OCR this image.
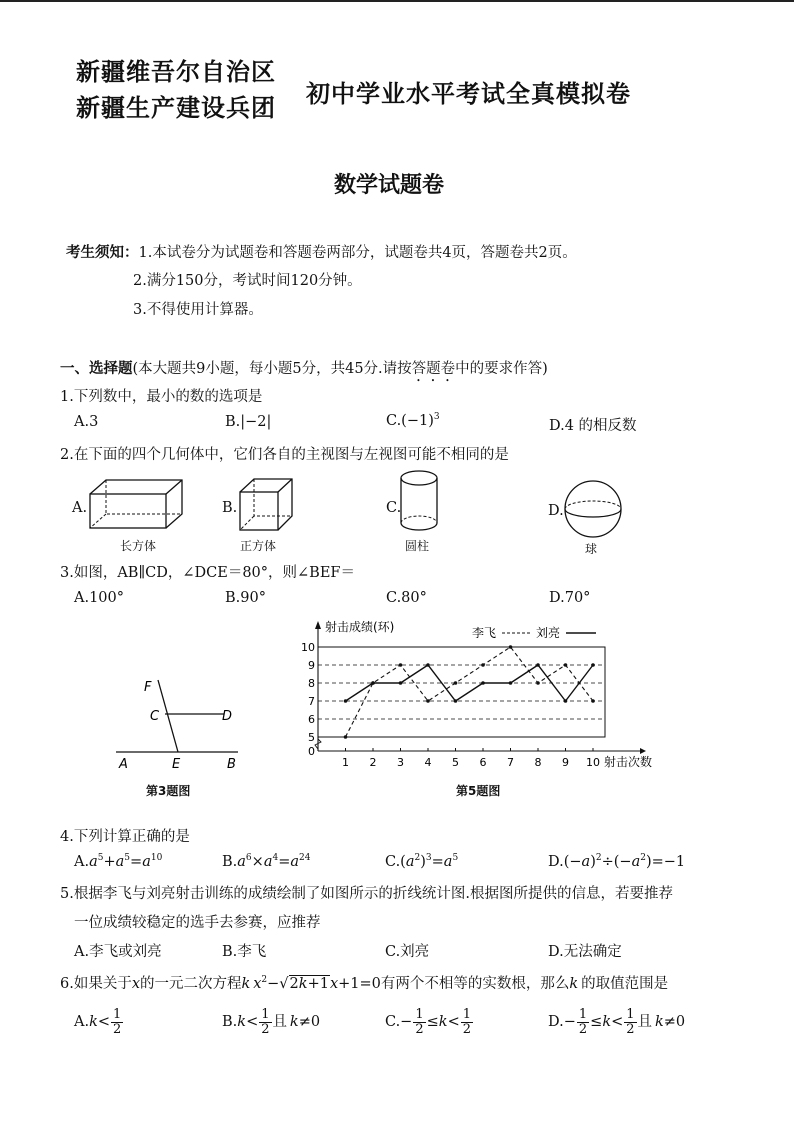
新疆维吾尔自治区
新疆生产建设兵团 初中学业水平考试全真模拟卷
数学试题卷
考生须知：1.本试卷分为试题卷和答题卷两部分，试题卷共4页，答题卷共2页。
2.满分150分，考试时间120分钟。
3.不得使用计算器。
一、选择题(本大题共9小题，每小题5分，共45分.请按答题卷中的要求作答)
1.下列数中，最小的数的选项是
A.3	B.|−2|	$C.(-1)^3$
D.4 的相反数
2.在下面的四个几何体中，它们各自的主视图与左视图可能不相同的是
A.	B.	C.	D.
长方体	正方体	圆柱	球
3.如图，AB∥CD，∠DCE＝80°，则∠BEF＝
A.100°	B.90°	C.80°	D.70°
F
C	D
A	E	B
第3题图
0
5
6
7
8
9
10
1 2 3 4 5 6 7 8 9 10
射击成绩(环)
射击次数
李飞	刘亮
第5题图
4.下列计算正确的是
$A.a^5+a^5=a^{10}$	$B.a^6\times a^4=a^{24}$	$C.(a^2)^3=a^5$	$D.(-a)^2\div(-a^2)=-1$
5.根据李飞与刘亮射击训练的成绩绘制了如图所示的折线统计图.根据图所提供的信息，若要推荐
一位成绩较稳定的选手去参赛，应推荐
A.李飞或刘亮	B.李飞	C.刘亮	D.无法确定
6.如果关于x的一元二次方程k  $x^2-√2k+1x+1=0$有两个不相等的实数根，那么k  的取值范围是
$A.k< \frac{1}{2}$	$B.k< \frac{1}{2}$ 且  k≠0	$C.- \frac{1}{2} \le k< \frac{1}{2}$	$D.- \frac{1}{2} \le k< \frac{1}{2}$ 且  k≠0
